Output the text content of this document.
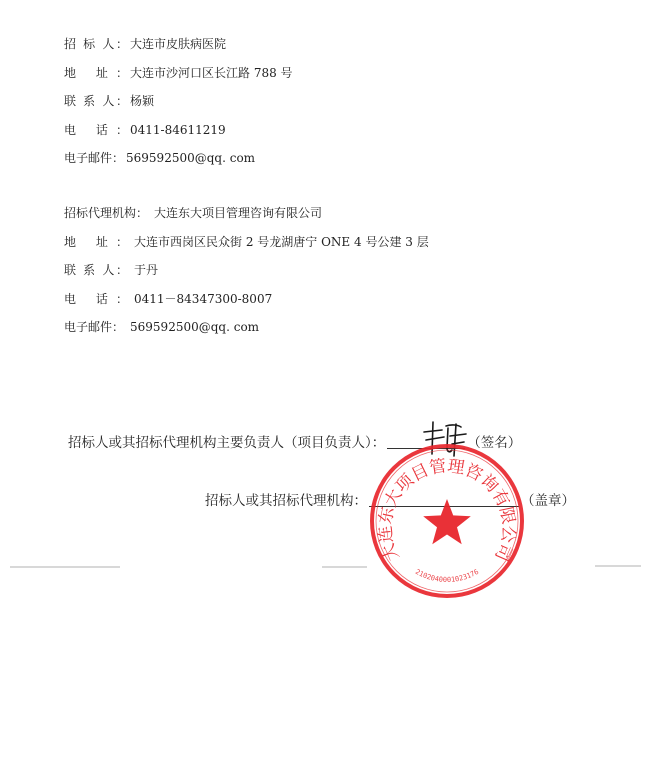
招 标 人： 大连市皮肤病医院
地 址： 大连市沙河口区长江路 788 号
联 系 人： 杨颖
电 话： 0411-84611219
电子邮件： 569592500@qq. com
招标代理机构： 大连东大项目管理咨询有限公司
地 址： 大连市西岗区民众街 2 号龙湖唐宁 ONE 4 号公建 3 层
联 系 人： 于丹
电 话： 0411－84347300-8007
电子邮件： 569592500@qq. com
招标人或其招标代理机构主要负责人（项目负责人）：	（签名）
招标人或其招标代理机构：	（盖章）
大连东大项目管理咨询有限公司
2102040001023176
